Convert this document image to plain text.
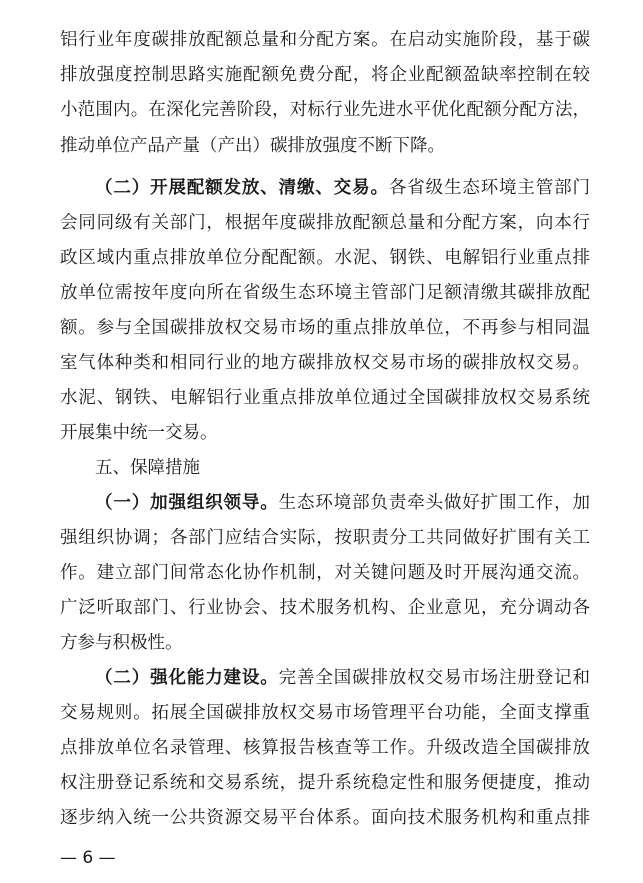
铝行业年度碳排放配额总量和分配方案。在启动实施阶段，基于碳
排放强度控制思路实施配额免费分配，将企业配额盈缺率控制在较
小范围内。在深化完善阶段，对标行业先进水平优化配额分配方法，
推动单位产品产量（产出）碳排放强度不断下降。
（二）开展配额发放、清缴、交易。各省级生态环境主管部门
会同同级有关部门，根据年度碳排放配额总量和分配方案，向本行
政区域内重点排放单位分配配额。水泥、钢铁、电解铝行业重点排
放单位需按年度向所在省级生态环境主管部门足额清缴其碳排放配
额。参与全国碳排放权交易市场的重点排放单位，不再参与相同温
室气体种类和相同行业的地方碳排放权交易市场的碳排放权交易。
水泥、钢铁、电解铝行业重点排放单位通过全国碳排放权交易系统
开展集中统一交易。
五、保障措施
（一）加强组织领导。生态环境部负责牵头做好扩围工作，加
强组织协调；各部门应结合实际，按职责分工共同做好扩围有关工
作。建立部门间常态化协作机制，对关键问题及时开展沟通交流。
广泛听取部门、行业协会、技术服务机构、企业意见，充分调动各
方参与积极性。
（二）强化能力建设。完善全国碳排放权交易市场注册登记和
交易规则。拓展全国碳排放权交易市场管理平台功能，全面支撑重
点排放单位名录管理、核算报告核查等工作。升级改造全国碳排放
权注册登记系统和交易系统，提升系统稳定性和服务便捷度，推动
逐步纳入统一公共资源交易平台体系。面向技术服务机构和重点排
— 6 —
